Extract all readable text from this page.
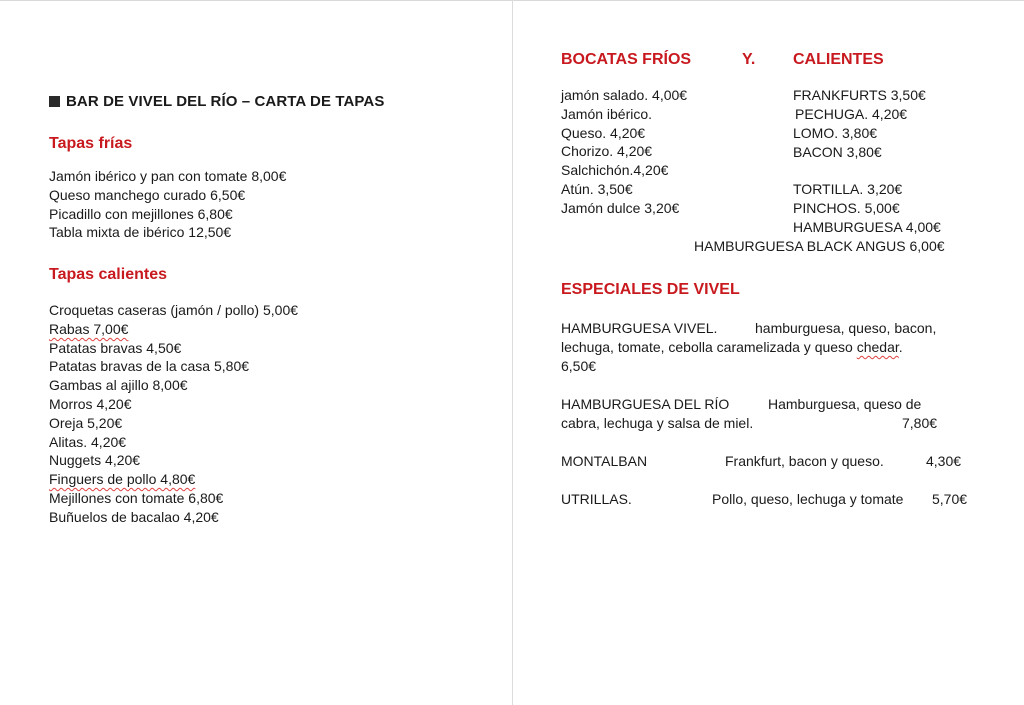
BAR DE VIVEL DEL RÍO – CARTA DE TAPAS
Tapas frías
Jamón ibérico y pan con tomate 8,00€
Queso manchego curado 6,50€
Picadillo con mejillones 6,80€
Tabla mixta de ibérico 12,50€
Tapas calientes
Croquetas caseras (jamón / pollo) 5,00€
Rabas 7,00€
Patatas bravas 4,50€
Patatas bravas de la casa 5,80€
Gambas al ajillo 8,00€
Morros 4,20€
Oreja 5,20€
Alitas. 4,20€
Nuggets 4,20€
Finguers de pollo 4,80€
Mejillones con tomate 6,80€
Buñuelos de bacalao 4,20€
BOCATAS FRÍOS	Y. CALIENTES
jamón salado. 4,00€
Jamón ibérico.
Queso. 4,20€
Chorizo. 4,20€
Salchichón.4,20€
Atún. 3,50€
Jamón dulce 3,20€
FRANKFURTS 3,50€
PECHUGA. 4,20€
LOMO. 3,80€
BACON 3,80€
TORTILLA. 3,20€
PINCHOS. 5,00€
HAMBURGUESA 4,00€
HAMBURGUESA BLACK ANGUS 6,00€
ESPECIALES DE VIVEL
HAMBURGUESA VIVEL.	hamburguesa, queso, bacon,
lechuga, tomate, cebolla caramelizada y queso chedar.
6,50€
HAMBURGUESA DEL RÍO	Hamburguesa, queso de
cabra, lechuga y salsa de miel.	7,80€
MONTALBAN	Frankfurt, bacon y queso.	4,30€
UTRILLAS.	Pollo, queso, lechuga y tomate 5,70€
